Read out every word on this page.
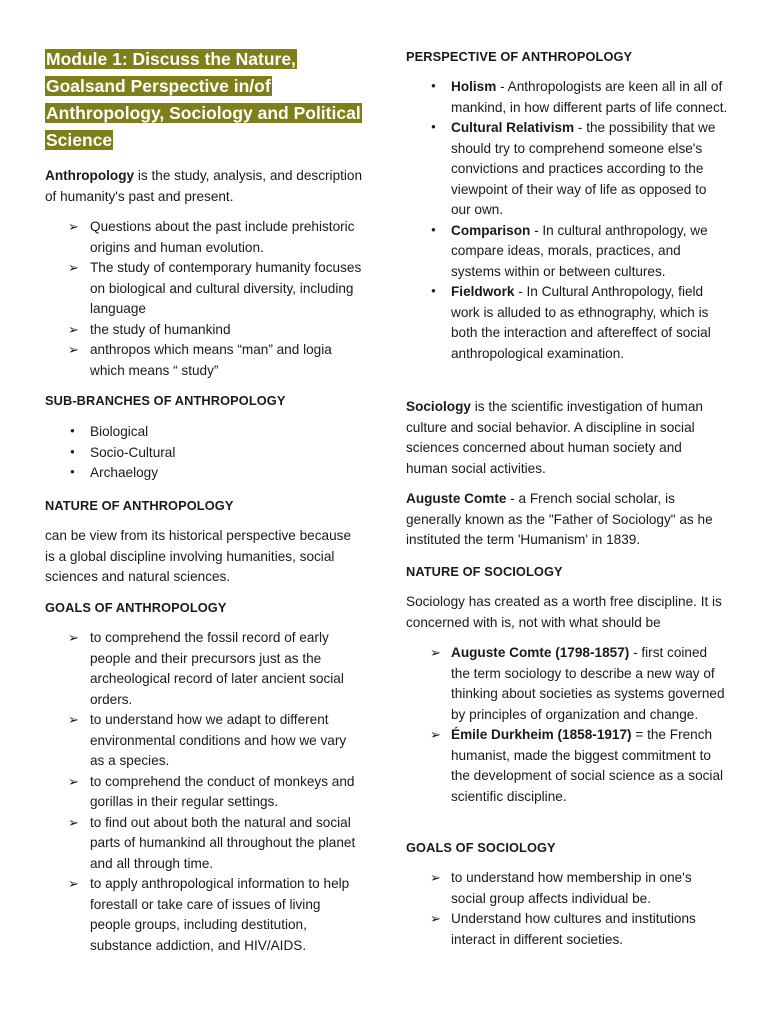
Module 1: Discuss the Nature, Goalsand Perspective in/of Anthropology, Sociology and Political Science

Anthropology is the study, analysis, and description of humanity's past and present.

➢ Questions about the past include prehistoric origins and human evolution.
➢ The study of contemporary humanity focuses on biological and cultural diversity, including language
➢ the study of humankind
➢ anthropos which means “man” and logia which means “ study”
SUB-BRANCHES OF ANTHROPOLOGY
● Biological
● Socio-Cultural
● Archaelogy
NATURE OF ANTHROPOLOGY

can be view from its historical perspective because is a global discipline involving humanities, social sciences and natural sciences.

GOALS OF ANTHROPOLOGY
➢ to comprehend the fossil record of early people and their precursors just as the archeological record of later ancient social orders.
➢ to understand how we adapt to different environmental conditions and how we vary as a species.
➢ to comprehend the conduct of monkeys and gorillas in their regular settings.
➢ to find out about both the natural and social parts of humankind all throughout the planet and all through time.
➢ to apply anthropological information to help forestall or take care of issues of living people groups, including destitution, substance addiction, and HIV/AIDS.
PERSPECTIVE OF ANTHROPOLOGY
● Holism - Anthropologists are keen all in all of mankind, in how different parts of life connect.
● Cultural Relativism - the possibility that we should try to comprehend someone else's convictions and practices according to the viewpoint of their way of life as opposed to our own.
● Comparison - In cultural anthropology, we compare ideas, morals, practices, and systems within or between cultures.
● Fieldwork - In Cultural Anthropology, field work is alluded to as ethnography, which is both the interaction and aftereffect of social anthropological examination.

Sociology is the scientific investigation of human culture and social behavior. A discipline in social sciences concerned about human society and human social activities.

Auguste Comte - a French social scholar, is generally known as the "Father of Sociology" as he instituted the term 'Humanism' in 1839.

NATURE OF SOCIOLOGY

Sociology has created as a worth free discipline. It is concerned with is, not with what should be

➢ Auguste Comte (1798-1857) - first coined the term sociology to describe a new way of thinking about societies as systems governed by principles of organization and change.
➢ Émile Durkheim (1858-1917) = the French humanist, made the biggest commitment to the development of social science as a social scientific discipline.
GOALS OF SOCIOLOGY
➢ to understand how membership in one's social group affects individual be.
➢ Understand how cultures and institutions interact in different societies.
